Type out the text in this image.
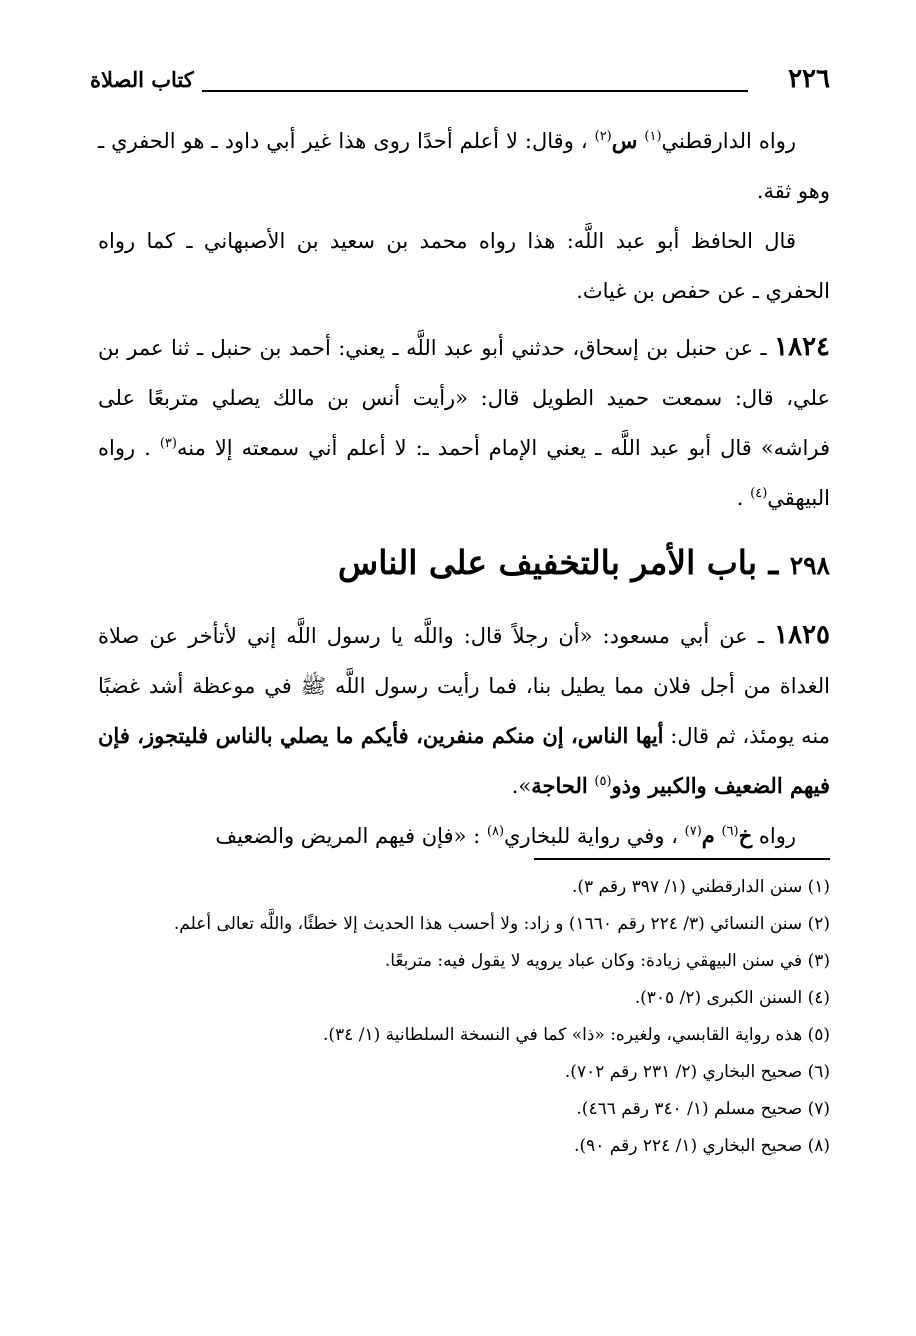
٢٢٦
كتاب الصلاة

رواه الدارقطني$^{(١)}$ س$^{(٢)}$ ، وقال: لا أعلم أحدًا روى هذا غير أبي داود ـ هو الحفري ـ وهو ثقة.

قال الحافظ أبو عبد اللَّه: هذا رواه محمد بن سعيد بن الأصبهاني ـ كما رواه الحفري ـ عن حفص بن غياث.

١٨٢٤ ـ عن حنبل بن إسحاق، حدثني أبو عبد اللَّه ـ يعني: أحمد بن حنبل ـ ثنا عمر بن علي، قال: سمعت حميد الطويل قال: «رأيت أنس بن مالك يصلي متربعًا على فراشه» قال أبو عبد اللَّه ـ يعني الإمام أحمد ـ: لا أعلم أني سمعته إلا منه$^{(٣)}$ . رواه البيهقي$^{(٤)}$ .

٢٩٨ ـ باب الأمر بالتخفيف على الناس

١٨٢٥ ـ عن أبي مسعود: «أن رجلاً قال: واللَّه يا رسول اللَّه إني لأتأخر عن صلاة الغداة من أجل فلان مما يطيل بنا، فما رأيت رسول اللَّه ﷺ في موعظة أشد غضبًا منه يومئذ، ثم قال: أيها الناس، إن منكم منفرين، فأيكم ما يصلي بالناس فليتجوز، فإن فيهم الضعيف والكبير وذو$^{(٥)}$ الحاجة».

رواه خ$^{(٦)}$ م$^{(٧)}$ ، وفي رواية للبخاري$^{(٨)}$ : «فإن فيهم المريض والضعيف

(١) سنن الدارقطني (١/ ٣٩٧ رقم ٣).

(٢) سنن النسائي (٣/ ٢٢٤ رقم ١٦٦٠) و زاد: ولا أحسب هذا الحديث إلا خطئًا، واللَّه تعالى أعلم.

(٣) في سنن البيهقي زيادة: وكان عباد يرويه لا يقول فيه: متربعًا.

(٤) السنن الكبرى (٢/ ٣٠٥).

(٥) هذه رواية القابسي، ولغيره: «ذا» كما في النسخة السلطانية (١/ ٣٤).

(٦) صحيح البخاري (٢/ ٢٣١ رقم ٧٠٢).

(٧) صحيح مسلم (١/ ٣٤٠ رقم ٤٦٦).

(٨) صحيح البخاري (١/ ٢٢٤ رقم ٩٠).
